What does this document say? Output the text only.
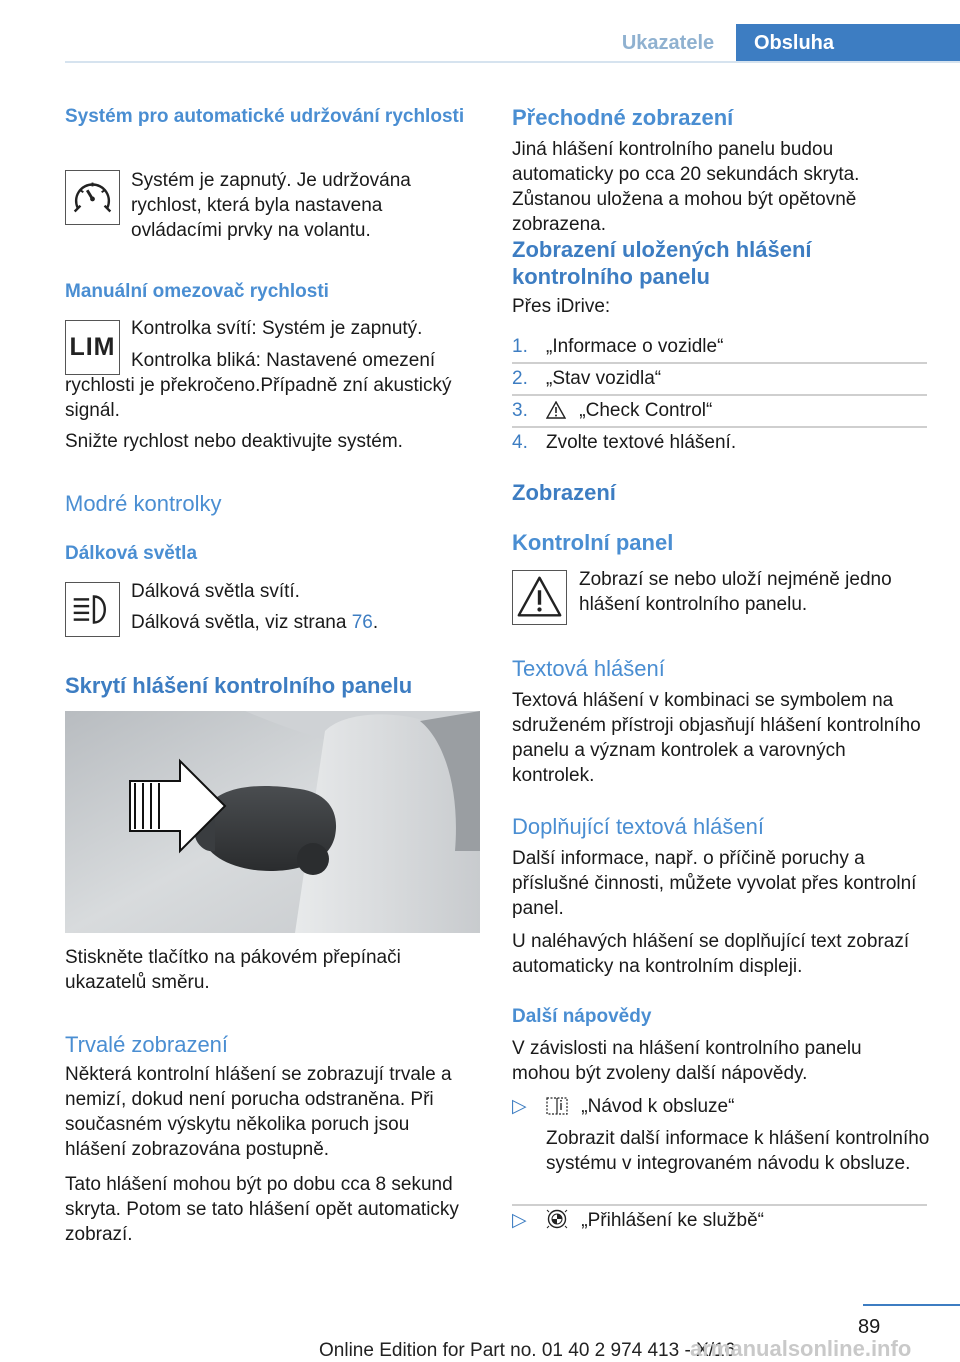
Ukazatele	Obsluha
Systém pro automatické udržování rychlosti

Systém je zapnutý. Je udržována rychlost, která byla nastavena ovládacími prvky na volantu.

Manuální omezovač rychlosti
LIM

Kontrolka svítí: Systém je zapnutý.

Kontrolka bliká: Nastavené omezení rychlosti je překročeno.Případně zní akustický signál.

Snižte rychlost nebo deaktivujte systém.

Modré kontrolky
Dálková světla

Dálková světla svítí.

Dálková světla, viz strana 76.

Skrytí hlášení kontrolního panelu

Stiskněte tlačítko na pákovém přepínači ukazatelů směru.

Trvalé zobrazení

Některá kontrolní hlášení se zobrazují trvale a nemizí, dokud není porucha odstraněna. Při současném výskytu několika poruch jsou hlášení zobrazována postupně.

Tato hlášení mohou být po dobu cca 8 sekund skryta. Potom se tato hlášení opět automaticky zobrazí.

Přechodné zobrazení

Jiná hlášení kontrolního panelu budou automaticky po cca 20 sekundách skryta. Zůstanou uložena a mohou být opětovně zobrazena.

Zobrazení uložených hlášení kontrolního panelu

Přes iDrive:

1. „Informace o vozidle“
2. „Stav vozidla“
3.	„Check Control“
4. Zvolte textové hlášení.
Zobrazení
Kontrolní panel

Zobrazí se nebo uloží nejméně jedno hlášení kontrolního panelu.

Textová hlášení

Textová hlášení v kombinaci se symbolem na sdruženém přístroji objasňují hlášení kontrolního panelu a význam kontrolek a varovných kontrolek.

Doplňující textová hlášení

Další informace, např. o příčině poruchy a příslušné činnosti, můžete vyvolat přes kontrolní panel.

U naléhavých hlášení se doplňující text zobrazí automaticky na kontrolním displeji.

Další nápovědy

V závislosti na hlášení kontrolního panelu mohou být zvoleny další nápovědy.

▷	„Návod k obsluze“

Zobrazit další informace k hlášení kontrolního systému v integrovaném návodu k obsluze.

▷	„Přihlášení ke službě“
89
Online Edition for Part no. 01 40 2 974 413 - X/16
armanualsonline.info
